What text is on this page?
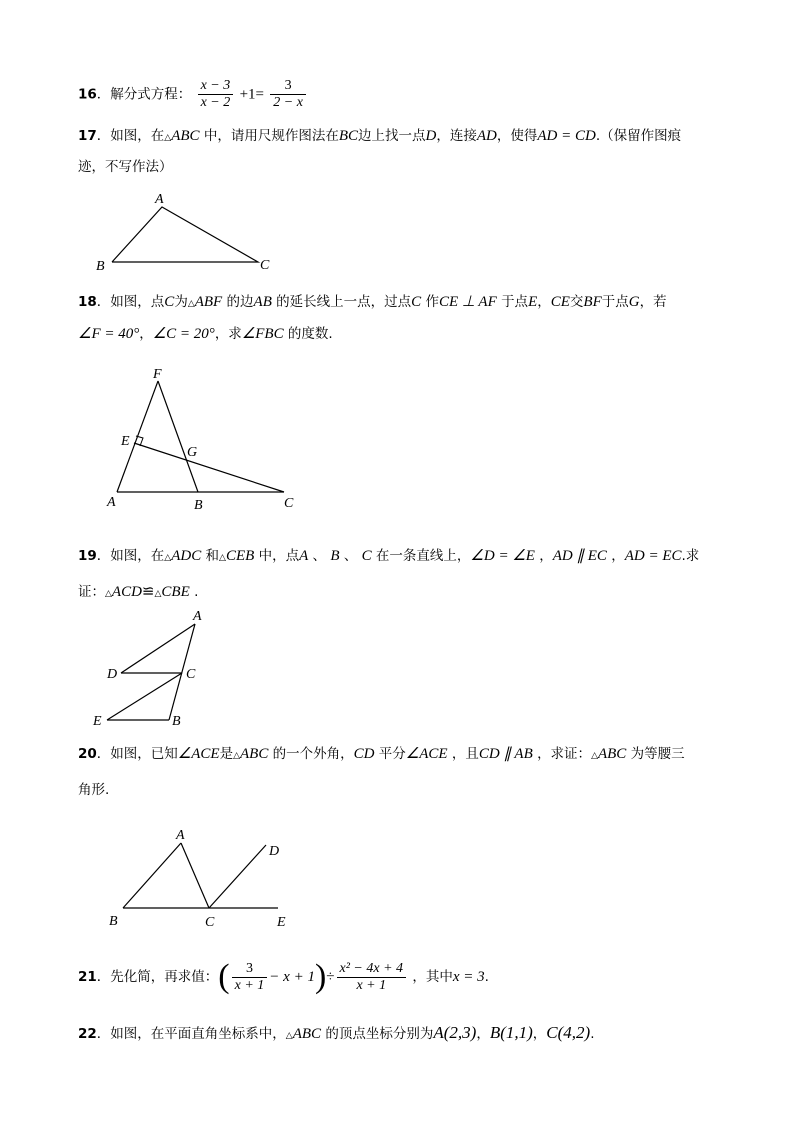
16．解分式方程： $\frac{x - 3}{x - 2} +1= \frac{3}{2 - x}$
17．如图，在△ABC 中，请用尺规作图法在BC边上找一点D，连接AD，使得AD = CD.（保留作图痕
迹，不写作法）
A
B	C
18．如图，点C为△ABF 的边AB 的延长线上一点，过点C 作CE ⊥ AF 于点E，CE交BF于点G，若
∠F = 40°，∠C = 20°，求∠FBC 的度数.
F
E
G
A	B	C
19．如图，在△ADC 和△CEB 中，点A 、 B 、 C 在一条直线上，∠D = ∠E ，AD ∥ EC ，AD = EC.求
证：△ACD≌△CBE .
A
D	C
E	B
20．如图，已知∠ACE是△ABC 的一个外角，CD 平分∠ACE ，且CD ∥ AB ，求证：△ABC 为等腰三
角形.
A
D
B	C	E
21．先化简，再求值：( $\frac{3}{x + 1} - x + 1)\div \frac{\text{x² − 4x + 4}}{x + 1}$ ，其中x = 3.
22．如图，在平面直角坐标系中，△ABC 的顶点坐标分别为A(2,3)，B(1,1)，C(4,2).
